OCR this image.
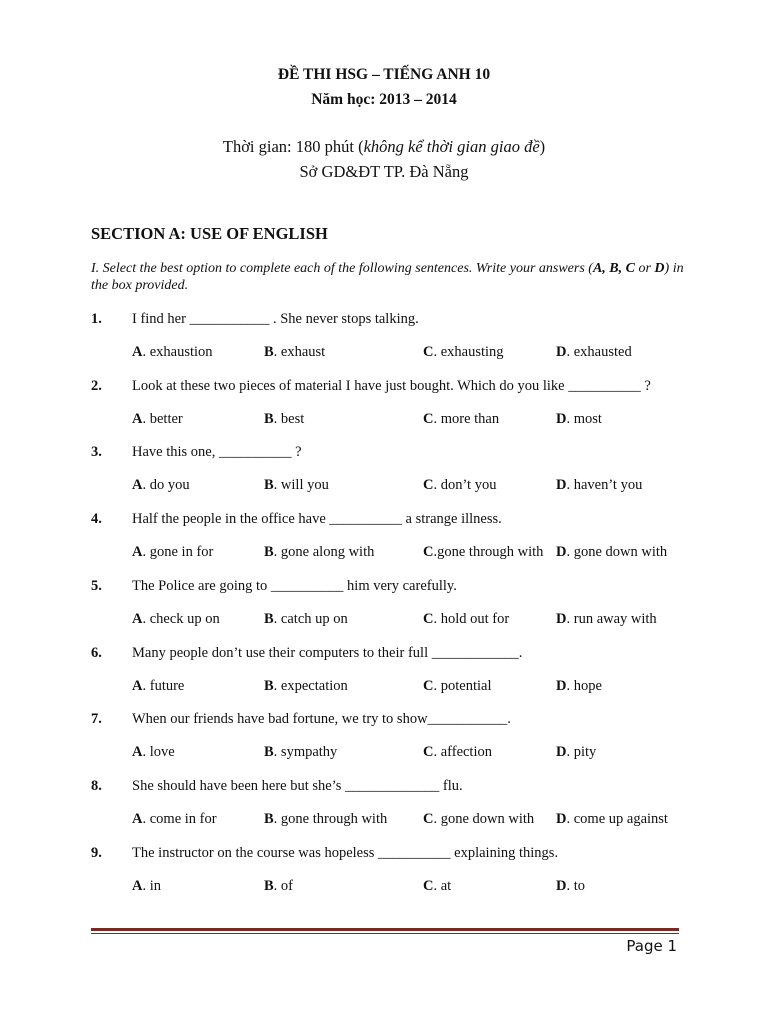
ĐỀ THI HSG – TIẾNG ANH 10
Năm học: 2013 – 2014
Thời gian: 180 phút (không kể thời gian giao đề)
Sở GD&ĐT TP. Đà Nẵng
SECTION A: USE OF ENGLISH
I. Select the best option to complete each of the following sentences. Write your answers (A, B, C or D) in the box provided.
1. I find her ___________ . She never stops talking.
A. exhaustion	B. exhaust	C. exhausting	D. exhausted
2. Look at these two pieces of material I have just bought. Which do you like __________ ?
A. better	B. best	C. more than	D. most
3. Have this one, __________ ?
A. do you	B. will you	C. don’t you	D. haven’t you
4. Half the people in the office have __________ a strange illness.
A. gone in for	B. gone along with	C.gone through with D. gone down with
5. The Police are going to __________ him very carefully.
A. check up on	B. catch up on	C. hold out for	D. run away with
6. Many people don’t use their computers to their full ____________.
A. future	B. expectation	C. potential	D. hope
7. When our friends have bad fortune, we try to show___________.
A. love	B. sympathy	C. affection	D. pity
8. She should have been here but she’s _____________ flu.
A. come in for	B. gone through with C. gone down with D. come up against
9. The instructor on the course was hopeless __________ explaining things.
A. in	B. of	C. at	D. to
Page 1
